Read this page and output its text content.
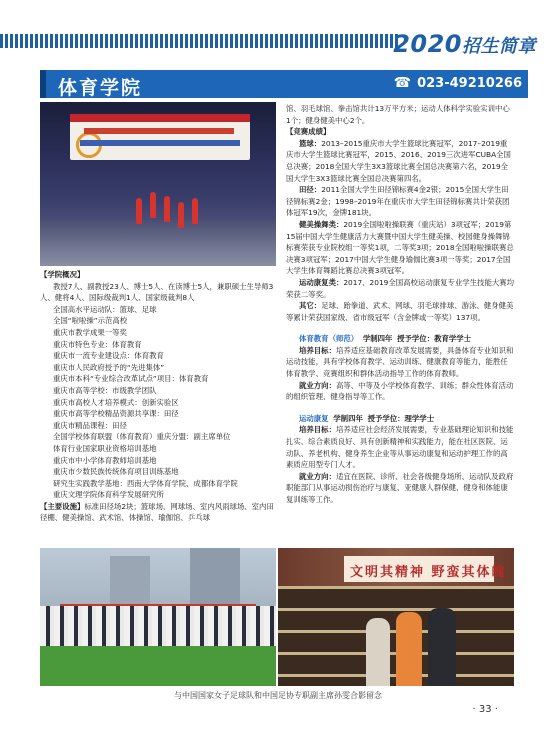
2020招生简章
体育学院	☎ 023-49210266
学生参加比赛

【学院概况】

教授7人、副教授23人、博士5人、在读博士5人，兼职硕士生导师3人、健将4人、国际级裁判1人、国家级裁判8人

全国高水平运动队：篮球、足球

全国“啦啦操”示范高校

重庆市教学成果一等奖

重庆市特色专业：体育教育

重庆市一流专业建设点：体育教育

重庆市人民政府授予的“先进集体”

重庆市本科“专业综合改革试点”项目：体育教育

重庆市高等学校：市级教学团队

重庆市高校人才培养模式：创新实验区

重庆市高等学校精品资源共享课：田径

重庆市精品课程：田径

全国学校体育联盟（体育教育）重庆分盟：副主席单位

体育行业国家职业资格培训基地

重庆市中小学体育教师培训基地

重庆市少数民族传统体育项目训练基地

研究生实践教学基地：西南大学体育学院、成都体育学院

重庆文理学院体育科学发展研究所

【主要设施】标准田径场2块；篮球场、网球场、室内风雨球场、室内田径棚、健美操馆、武术馆、体操馆、瑜伽馆、乒乓球

馆、羽毛球馆、拳击馆共计13万平方米；运动人体科学实验实训中心1个；健身健美中心2个。

【竞赛成绩】

篮球：2013–2015重庆市大学生篮球比赛冠军，2017–2019重庆市大学生篮球比赛冠军，2015、2016、2019三次进军CUBA全国总决赛；2018全国大学生3X3篮球比赛全国总决赛第六名，2019全国大学生3X3篮球比赛全国总决赛第四名。

田径：2011全国大学生田径锦标赛4金2银；2015全国大学生田径锦标赛2金；1998–2019年在重庆市大学生田径锦标赛共计荣获团体冠军19次，金牌181块。

健美操舞类：2019全国啦啦操联赛（重庆站）3项冠军；2019第15届中国大学生健康活力大赛暨中国大学生健美操、校园健身操舞锦标赛荣获专业院校组一等奖1项，二等奖3项；2018全国啦啦操联赛总决赛3项冠军；2017中国大学生健身瑜伽比赛3项一等奖；2017全国大学生体育舞蹈比赛总决赛3项冠军。

运动康复类：2017、2019全国高校运动康复专业学生技能大赛均荣获二等奖。

其它：足球、跆拳道、武术、网球、羽毛球排球、游泳、健身健美等累计荣获国家级、省市级冠军（含金牌或一等奖）137项。

体育教育（师范） 学制四年 授予学位：教育学学士

培养目标：培养适应基础教育改革发展需要，具备体育专业知识和运动技能，具有学校体育教学、运动训练、健康教育等能力，能胜任体育教学、竞赛组织和群体活动指导工作的体育教师。

就业方向：高等、中等及小学校体育教学、训练；群众性体育活动的组织管理、健身指导等工作。

运动康复 学制四年 授予学位：理学学士

培养目标：培养适应社会经济发展需要，专业基础理论知识和技能扎实、综合素质良好、具有创新精神和实践能力，能在社区医院、运动队、养老机构、健身养生企业等从事运动康复和运动护理工作的高素质应用型专门人才。

就业方向：适宜在医院、诊所、社会各级健身场所、运动队及政府职能部门从事运动损伤治疗与康复、亚健康人群保健、健身和体能康复训练等工作。

文明其精神 野蛮其体魄
与中国国家女子足球队和中国足协专职副主席孙雯合影留念
· 33 ·
